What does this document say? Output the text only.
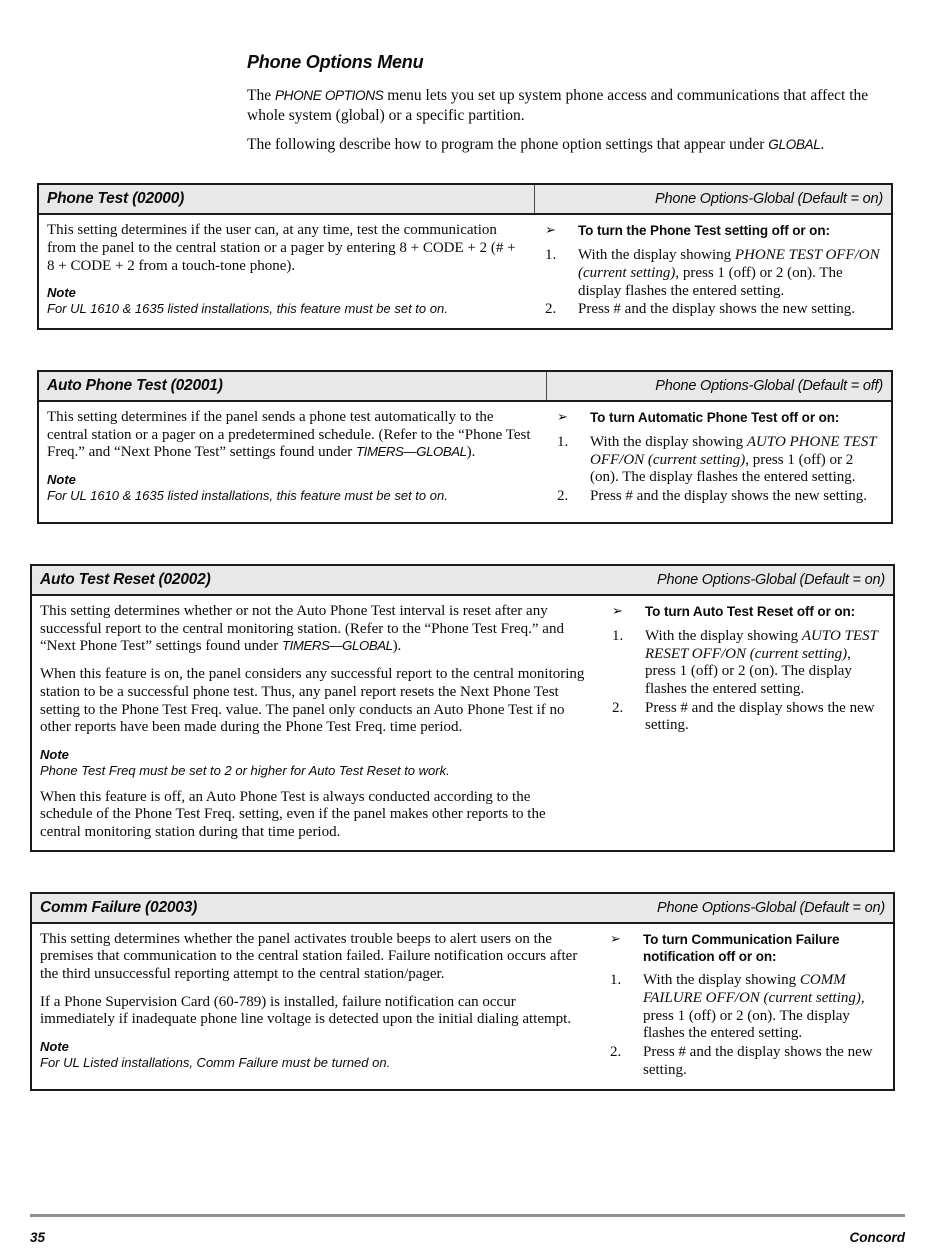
Phone Options Menu

The PHONE OPTIONS menu lets you set up system phone access and communications that affect the whole system (global) or a specific partition.

The following describe how to program the phone option settings that appear under GLOBAL.

Phone Test (02000)	Phone Options-Global (Default = on)
This setting determines if the user can, at any time, test the communication from the panel to the central station or a pager by entering 8 + CODE + 2 (# + 8 + CODE + 2 from a touch-tone phone).
Note
For UL 1610 & 1635 listed installations, this feature must be set to on.
➢	To turn the Phone Test setting off or on:
1.	With the display showing PHONE TEST OFF/ON (current setting), press 1 (off) or 2 (on). The display flashes the entered setting.
2.	Press # and the display shows the new setting.
Auto Phone Test (02001)	Phone Options-Global (Default = off)
This setting determines if the panel sends a phone test automatically to the central station or a pager on a predetermined schedule. (Refer to the “Phone Test Freq.” and “Next Phone Test” settings found under TIMERS—GLOBAL).
Note
For UL 1610 & 1635 listed installations, this feature must be set to on.
➢	To turn Automatic Phone Test off or on:
1.	With the display showing AUTO PHONE TEST OFF/ON (current setting), press 1 (off) or 2 (on). The display flashes the entered setting.
2.	Press # and the display shows the new setting.
Auto Test Reset (02002)	Phone Options-Global (Default = on)
This setting determines whether or not the Auto Phone Test interval is reset after any successful report to the central monitoring station. (Refer to the “Phone Test Freq.” and “Next Phone Test” settings found under TIMERS—GLOBAL).
When this feature is on, the panel considers any successful report to the central monitoring station to be a successful phone test. Thus, any panel report resets the Next Phone Test setting to the Phone Test Freq. value. The panel only conducts an Auto Phone Test if no other reports have been made during the Phone Test Freq. time period.
Note
Phone Test Freq must be set to 2 or higher for Auto Test Reset to work.
When this feature is off, an Auto Phone Test is always conducted according to the schedule of the Phone Test Freq. setting, even if the panel makes other reports to the central monitoring station during that time period.
➢	To turn Auto Test Reset off or on:
1.	With the display showing AUTO TEST RESET OFF/ON (current setting), press 1 (off) or 2 (on). The display flashes the entered setting.
2.	Press # and the display shows the new setting.
Comm Failure (02003)	Phone Options-Global (Default = on)
This setting determines whether the panel activates trouble beeps to alert users on the premises that communication to the central station failed. Failure notification occurs after the third unsuccessful reporting attempt to the central station/pager.
If a Phone Supervision Card (60-789) is installed, failure notification can occur immediately if inadequate phone line voltage is detected upon the initial dialing attempt.
Note
For UL Listed installations, Comm Failure must be turned on.
➢	To turn Communication Failure notification off or on:
1.	With the display showing COMM FAILURE OFF/ON (current setting), press 1 (off) or 2 (on). The display flashes the entered setting.
2.	Press # and the display shows the new setting.
35	Concord
